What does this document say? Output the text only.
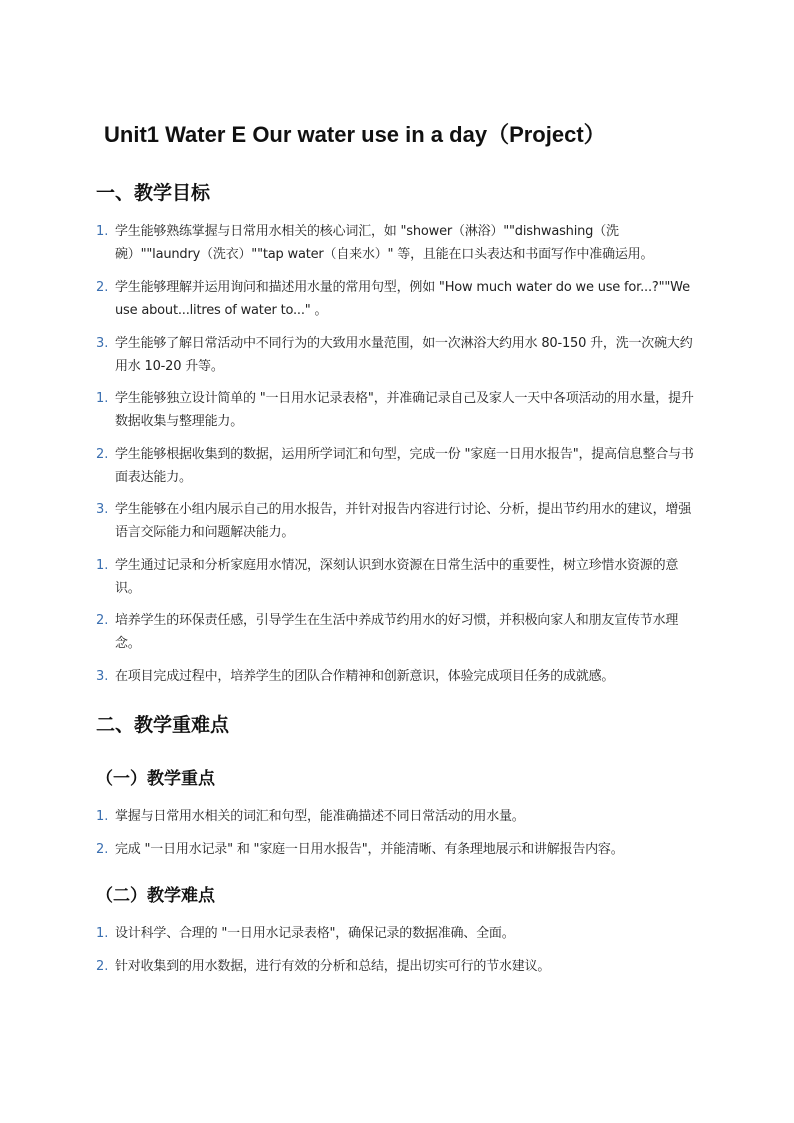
Unit1 Water E Our water use in a day（Project）
一、教学目标
1. 学生能够熟练掌握与日常用水相关的核心词汇，如 "shower（淋浴）""dishwashing（洗碗）""laundry（洗衣）""tap water（自来水）" 等，且能在口头表达和书面写作中准确运用。
2. 学生能够理解并运用询问和描述用水量的常用句型，例如 "How much water do we use for...?""We use about...litres of water to..." 。
3. 学生能够了解日常活动中不同行为的大致用水量范围，如一次淋浴大约用水 80-150 升，洗一次碗大约用水 10-20 升等。
1. 学生能够独立设计简单的 "一日用水记录表格"，并准确记录自己及家人一天中各项活动的用水量，提升数据收集与整理能力。
2. 学生能够根据收集到的数据，运用所学词汇和句型，完成一份 "家庭一日用水报告"，提高信息整合与书面表达能力。
3. 学生能够在小组内展示自己的用水报告，并针对报告内容进行讨论、分析，提出节约用水的建议，增强语言交际能力和问题解决能力。
1. 学生通过记录和分析家庭用水情况，深刻认识到水资源在日常生活中的重要性，树立珍惜水资源的意识。
2. 培养学生的环保责任感，引导学生在生活中养成节约用水的好习惯，并积极向家人和朋友宣传节水理念。
3. 在项目完成过程中，培养学生的团队合作精神和创新意识，体验完成项目任务的成就感。
二、教学重难点
（一）教学重点
1. 掌握与日常用水相关的词汇和句型，能准确描述不同日常活动的用水量。
2. 完成 "一日用水记录" 和 "家庭一日用水报告"，并能清晰、有条理地展示和讲解报告内容。
（二）教学难点
1. 设计科学、合理的 "一日用水记录表格"，确保记录的数据准确、全面。
2. 针对收集到的用水数据，进行有效的分析和总结，提出切实可行的节水建议。
